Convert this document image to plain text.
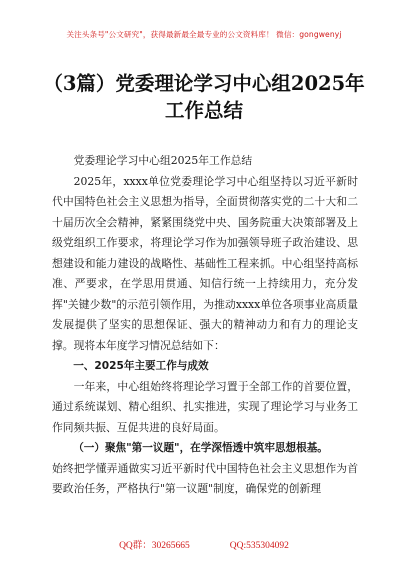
关注头条号"公文研究"，获得最新最全最专业的公文资料库！ 微信：gongwenyj
（3篇）党委理论学习中心组2025年工作总结

党委理论学习中心组2025年工作总结

2025年，xxxx单位党委理论学习中心组坚持以习近平新时代中国特色社会主义思想为指导，全面贯彻落实党的二十大和二十届历次全会精神，紧紧围绕党中央、国务院重大决策部署及上级党组织工作要求，将理论学习作为加强领导班子政治建设、思想建设和能力建设的战略性、基础性工程来抓。中心组坚持高标准、严要求，在学思用贯通、知信行统一上持续用力，充分发挥"关键少数"的示范引领作用，为推动xxxx单位各项事业高质量发展提供了坚实的思想保证、强大的精神动力和有力的理论支撑。现将本年度学习情况总结如下：

一、2025年主要工作与成效

一年来，中心组始终将理论学习置于全部工作的首要位置，通过系统谋划、精心组织、扎实推进，实现了理论学习与业务工作同频共振、互促共进的良好局面。

（一）聚焦"第一议题"，在学深悟透中筑牢思想根基。

始终把学懂弄通做实习近平新时代中国特色社会主义思想作为首要政治任务，严格执行"第一议题"制度，确保党的创新理

QQ群：30265665	QQ:535304092
